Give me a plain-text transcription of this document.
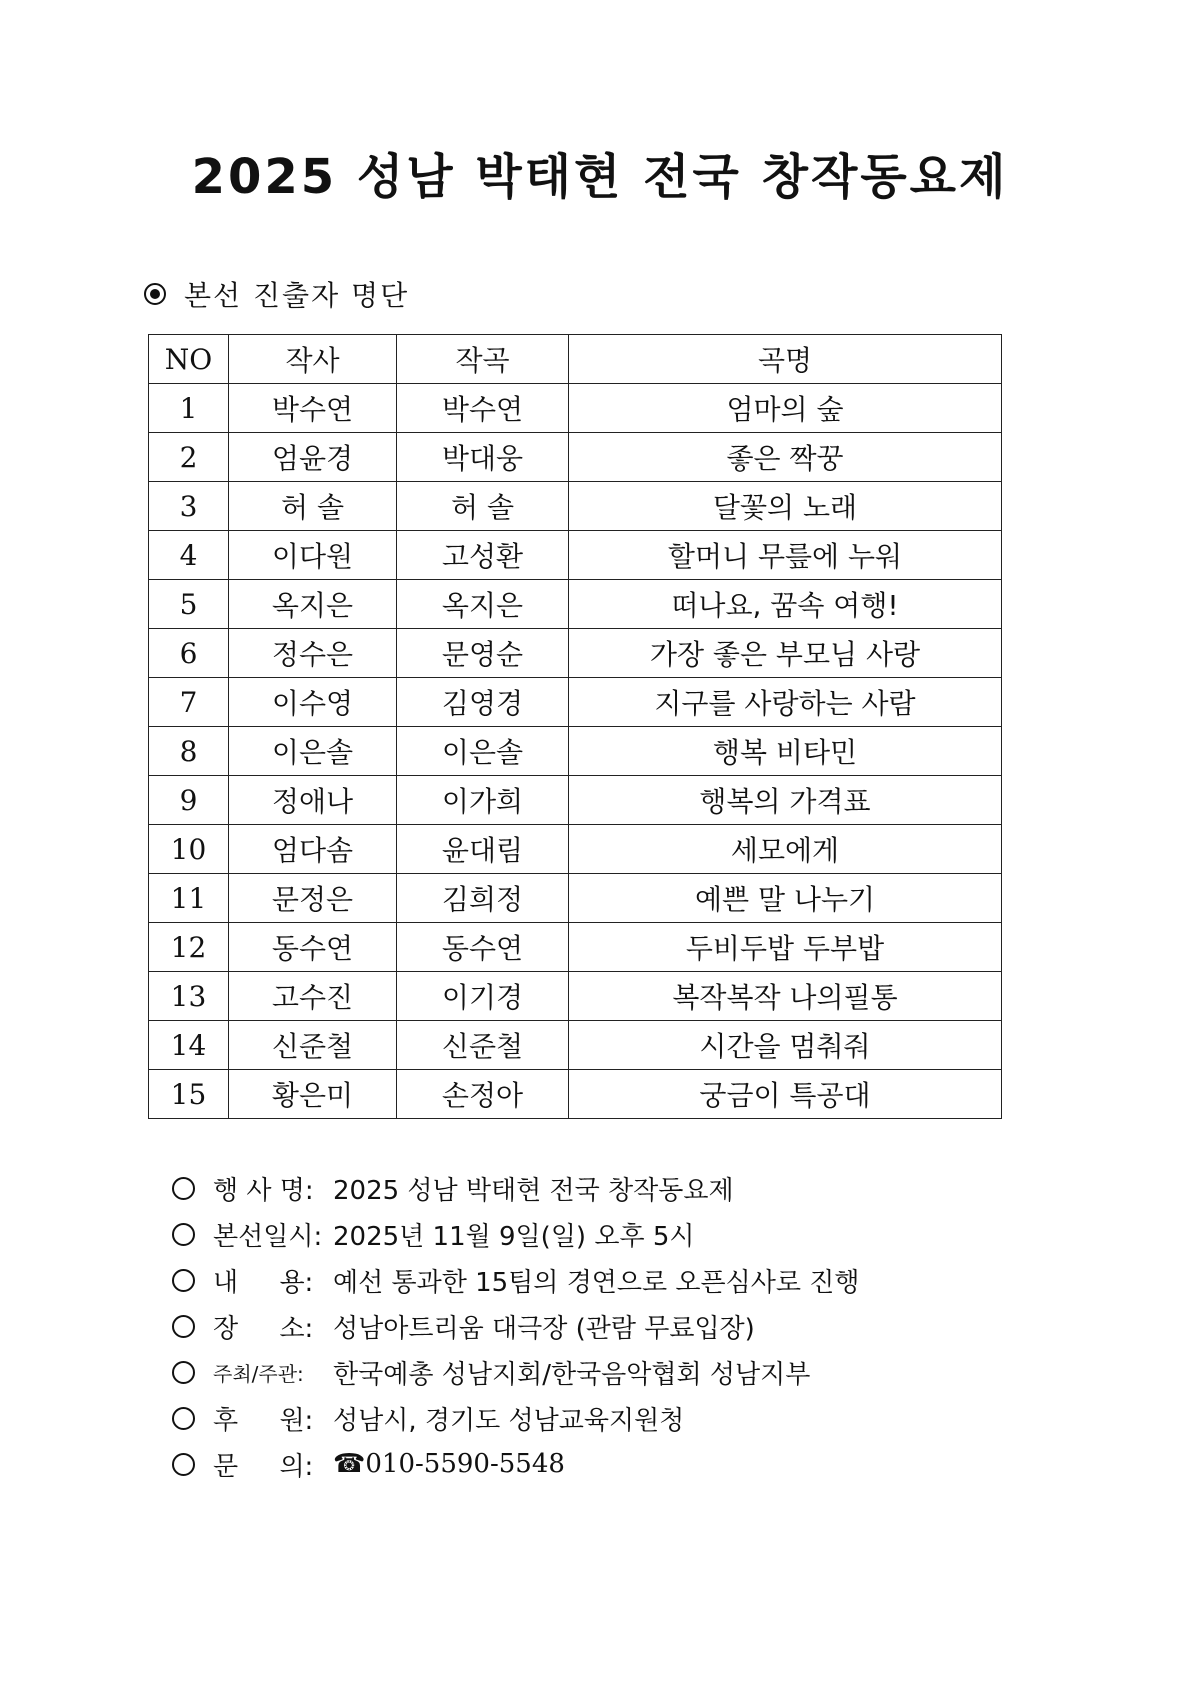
2025 성남 박태현 전국 창작동요제
본선 진출자 명단
NO	작사	작곡	곡명
1	박수연	박수연	엄마의 숲
2	엄윤경	박대웅	좋은 짝꿍
3	허 솔	허 솔	달꽃의 노래
4	이다원	고성환	할머니 무릎에 누워
5	옥지은	옥지은	떠나요, 꿈속 여행!
6	정수은	문영순	가장 좋은 부모님 사랑
7	이수영	김영경	지구를 사랑하는 사람
8	이은솔	이은솔	행복 비타민
9	정애나	이가희	행복의 가격표
10	엄다솜	윤대림	세모에게
11	문정은	김희정	예쁜 말 나누기
12	동수연	동수연	두비두밥 두부밥
13	고수진	이기경	복작복작 나의필통
14	신준철	신준철	시간을 멈춰줘
15	황은미	손정아	궁금이 특공대
행 사 명: 2025 성남 박태현 전국 창작동요제
본선일시: 2025년 11월 9일(일) 오후 5시
내     용: 예선 통과한 15팀의 경연으로 오픈심사로 진행
장     소: 성남아트리움 대극장 (관람 무료입장)
주최/주관:	한국예총 성남지회/한국음악협회 성남지부
후     원: 성남시, 경기도 성남교육지원청
문     의: ☎010-5590-5548
